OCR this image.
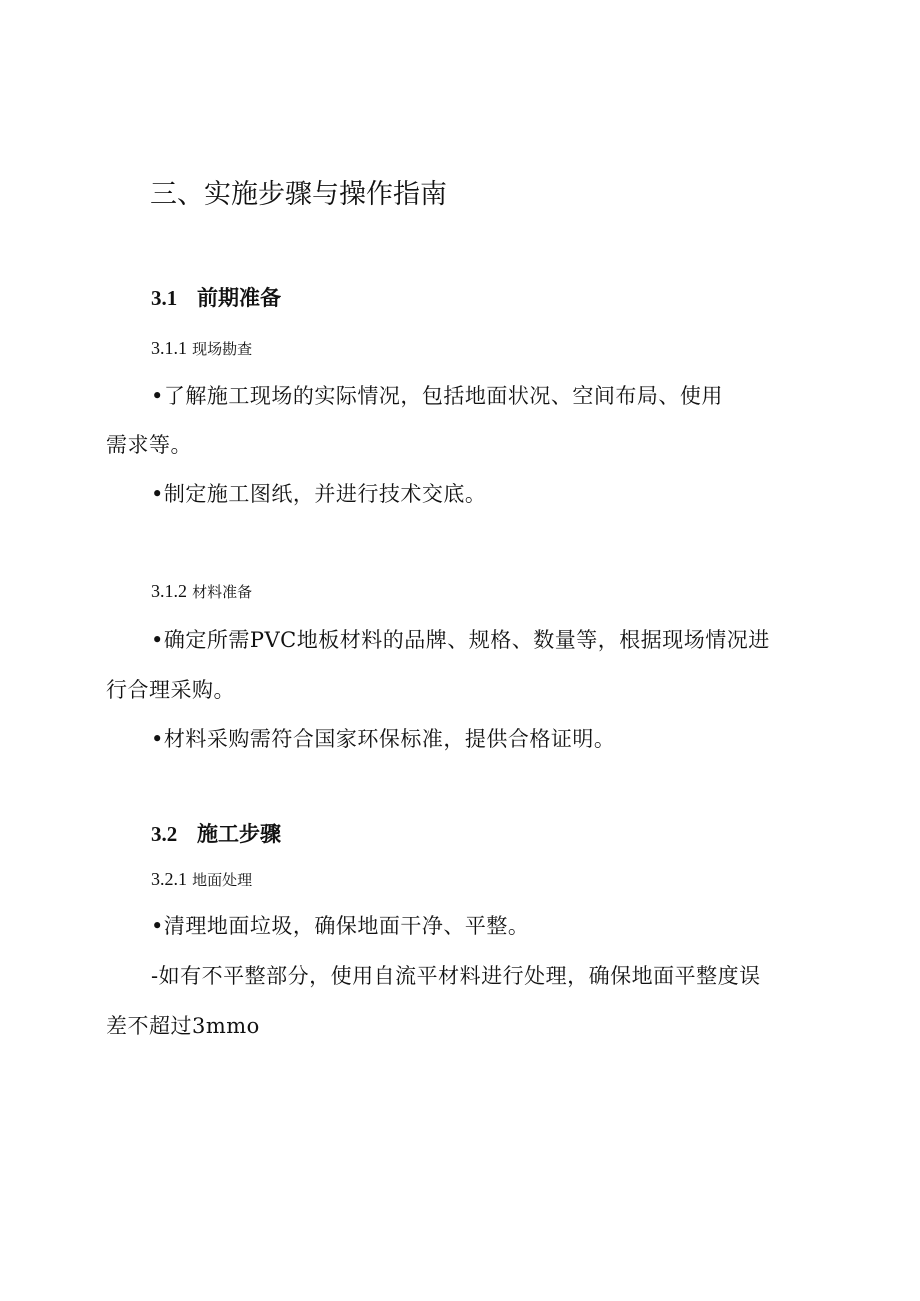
三、实施步骤与操作指南
3.1 前期准备
3.1.1 现场勘查

•了解施工现场的实际情况，包括地面状况、空间布局、使用

需求等。

•制定施工图纸，并进行技术交底。

3.1.2 材料准备

•确定所需PVC地板材料的品牌、规格、数量等，根据现场情况进

行合理采购。

•材料采购需符合国家环保标准，提供合格证明。

3.2 施工步骤
3.2.1 地面处理

•清理地面垃圾，确保地面干净、平整。

-如有不平整部分，使用自流平材料进行处理，确保地面平整度误

差不超过3mmo
